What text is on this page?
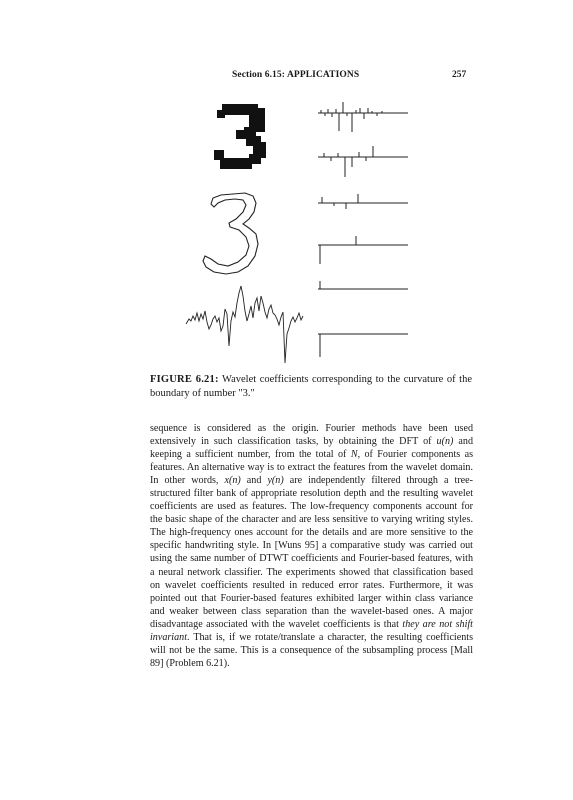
Section 6.15: APPLICATIONS	257
FIGURE 6.21: Wavelet coefficients corresponding to the curvature of the boundary of number "3."

sequence is considered as the origin. Fourier methods have been used extensively in such classification tasks, by obtaining the DFT of u(n) and keeping a sufficient number, from the total of N, of Fourier components as features. An alternative way is to extract the features from the wavelet domain. In other words, x(n) and y(n) are independently filtered through a tree-structured filter bank of appropriate resolution depth and the resulting wavelet coefficients are used as features. The low-frequency components account for the basic shape of the character and are less sensitive to varying writing styles. The high-frequency ones account for the details and are more sensitive to the specific handwriting style. In [Wuns 95] a comparative study was carried out using the same number of DTWT coefficients and Fourier-based features, with a neural network classifier. The experiments showed that classification based on wavelet coefficients resulted in reduced error rates. Furthermore, it was pointed out that Fourier-based features exhibited larger within class variance and weaker between class separation than the wavelet-based ones. A major disadvantage associated with the wavelet coefficients is that they are not shift invariant. That is, if we rotate/translate a character, the resulting coefficients will not be the same. This is a consequence of the subsampling process [Mall 89] (Problem 6.21).
